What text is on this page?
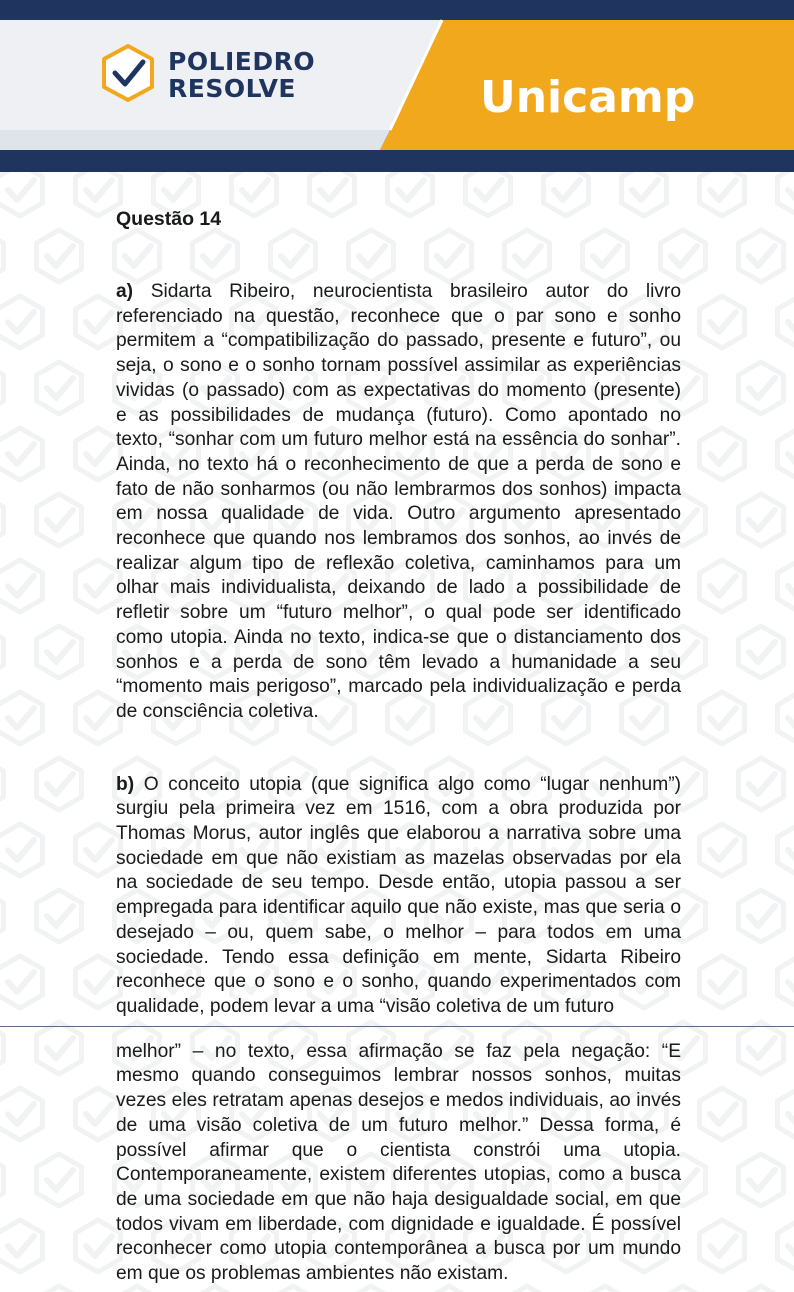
POLIEDRO
RESOLVE	Unicamp
Questão 14

a) Sidarta Ribeiro, neurocientista brasileiro autor do livro referenciado na questão, reconhece que o par sono e sonho permitem a “compatibilização do passado, presente e futuro”, ou seja, o sono e o sonho tornam possível assimilar as experiências vividas (o passado) com as expectativas do momento (presente) e as possibilidades de mudança (futuro). Como apontado no texto, “sonhar com um futuro melhor está na essência do sonhar”. Ainda, no texto há o reconhecimento de que a perda de sono e fato de não sonharmos (ou não lembrarmos dos sonhos) impacta em nossa qualidade de vida. Outro argumento apresentado reconhece que quando nos lembramos dos sonhos, ao invés de realizar algum tipo de reflexão coletiva, caminhamos para um olhar mais individualista, deixando de lado a possibilidade de refletir sobre um “futuro melhor”, o qual pode ser identificado como utopia. Ainda no texto, indica-se que o distanciamento dos sonhos e a perda de sono têm levado a humanidade a seu “momento mais perigoso”, marcado pela individualização e perda de consciência coletiva.

b) O conceito utopia (que significa algo como “lugar nenhum”) surgiu pela primeira vez em 1516, com a obra produzida por Thomas Morus, autor inglês que elaborou a narrativa sobre uma sociedade em que não existiam as mazelas observadas por ela na sociedade de seu tempo. Desde então, utopia passou a ser empregada para identificar aquilo que não existe, mas que seria o desejado – ou, quem sabe, o melhor – para todos em uma sociedade. Tendo essa definição em mente, Sidarta Ribeiro reconhece que o sono e o sonho, quando experimentados com qualidade, podem levar a uma “visão coletiva de um futuro

melhor” – no texto, essa afirmação se faz pela negação: “E mesmo quando conseguimos lembrar nossos sonhos, muitas vezes eles retratam apenas desejos e medos individuais, ao invés de uma visão coletiva de um futuro melhor.” Dessa forma, é possível afirmar que o cientista constrói uma utopia. Contemporaneamente, existem diferentes utopias, como a busca de uma sociedade em que não haja desigualdade social, em que todos vivam em liberdade, com dignidade e igualdade. É possível reconhecer como utopia contemporânea a busca por um mundo em que os problemas ambientes não existam.
